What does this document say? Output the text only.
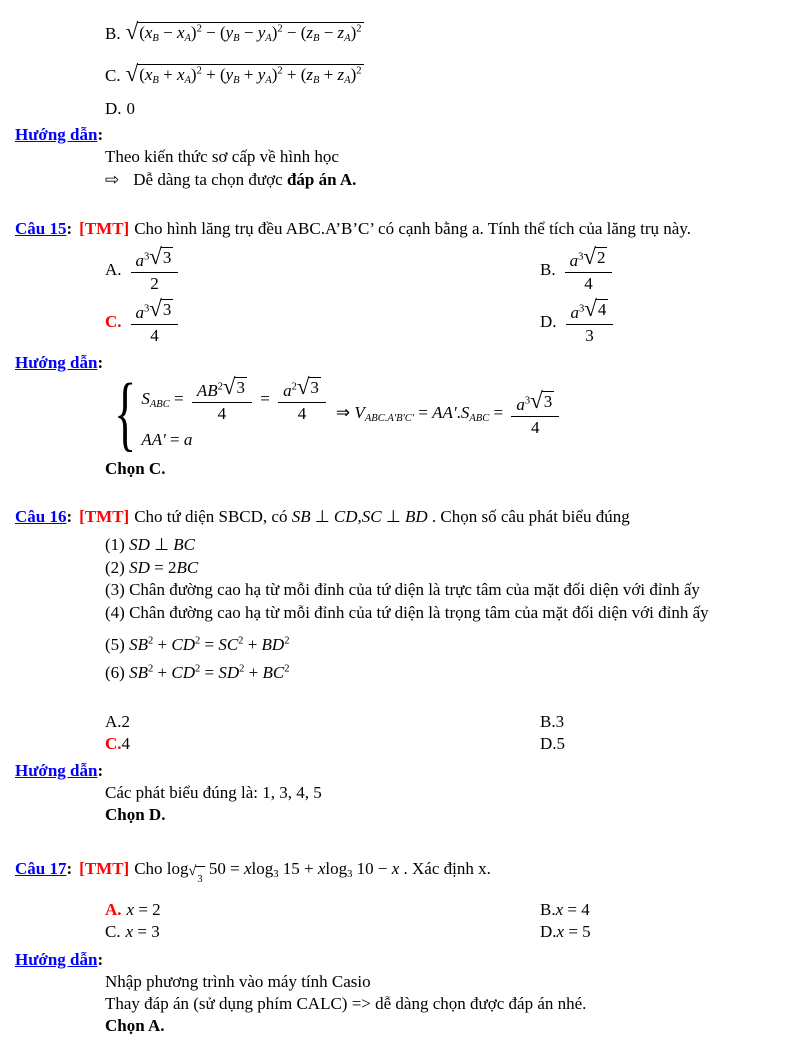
B. √ $(x_B - x_A)^2 - (y_B - y_A)^2 - (z_B - z_A)^2$
C. √ $(x_B + x_A)^2 + (y_B + y_A)^2 + (z_B + z_A)^2$
D. 0
Hướng dẫn:
Theo kiến thức sơ cấp về hình học
⇨ Dễ dàng ta chọn được đáp án A.
Câu 15: [TMT] Cho hình lăng trụ đều ABC.A’B’C’ có cạnh bằng a. Tính thể tích của lăng trụ này.
A. $\frac{a^3 √ 3}{2}$	B. $\frac{a^3 √ 2}{4}$
C. $\frac{a^3 √ 3}{4}$	D. $\frac{a^3 √ 4}{3}$
Hướng dẫn:
{ $S_{ABC} = \frac{AB^2 √ 3}{4} = \frac{a^2 √ 3}{4}$
AA' = a
⇒ $V_{ABC.A'B'C'} = AA'.S_{ABC} = \frac{a^3 √ 3}{4}$
Chọn C.
Câu 16: [TMT] Cho tứ diện SBCD, có SB ⊥ CD,SC ⊥ BD . Chọn số câu phát biểu đúng
(1) SD ⊥ BC
(2) SD = 2BC
(3) Chân đường cao hạ từ mỗi đỉnh của tứ diện là trực tâm của mặt đối diện với đỉnh ấy
(4) Chân đường cao hạ từ mỗi đỉnh của tứ diện là trọng tâm của mặt đối diện với đỉnh ấy
(5) $SB^2 + CD^2 = SC^2 + BD^2$
(6) $SB^2 + CD^2 = SD^2 + BC^2$
A. 2	B. 3
C. 4	D. 5
Hướng dẫn:
Các phát biểu đúng là: 1, 3, 4, 5
Chọn D.
Câu 17: [TMT] Cho log $_{√ 3}$
50 = xlog$_3$ 15 + xlog$_3$ 10 − x . Xác định x.
A. x = 2	B. x = 4
C. x = 3	D. x = 5
Hướng dẫn:
Nhập phương trình vào máy tính Casio
Thay đáp án (sử dụng phím CALC) => dễ dàng chọn được đáp án nhé.
Chọn A.
